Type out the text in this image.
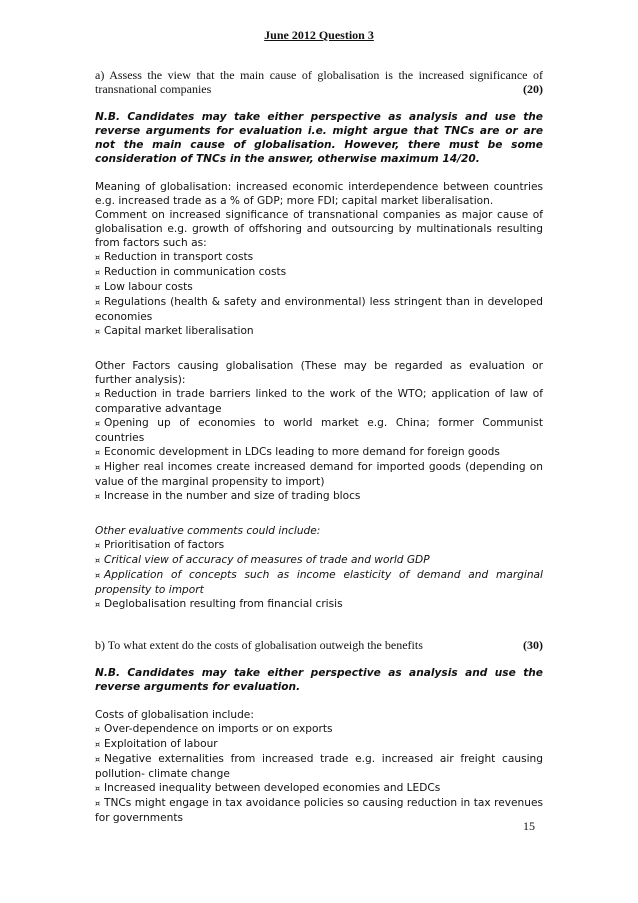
June 2012 Question 3

a) Assess the view that the main cause of globalisation is the increased significance of transnational companies	(20)

N.B. Candidates may take either perspective as analysis and use the reverse arguments for evaluation i.e. might argue that TNCs are or are not the main cause of globalisation. However, there must be some consideration of TNCs in the answer, otherwise maximum 14/20.

Meaning of globalisation: increased economic interdependence between countries e.g. increased trade as a % of GDP; more FDI; capital market liberalisation.

Comment on increased significance of transnational companies as major cause of globalisation e.g. growth of offshoring and outsourcing by multinationals resulting from factors such as:

¤ Reduction in transport costs

¤ Reduction in communication costs

¤ Low labour costs

¤ Regulations (health & safety and environmental) less stringent than in developed economies

¤ Capital market liberalisation

Other Factors causing globalisation (These may be regarded as evaluation or further analysis):

¤ Reduction in trade barriers linked to the work of the WTO; application of law of comparative advantage

¤ Opening up of economies to world market e.g. China; former Communist countries

¤ Economic development in LDCs leading to more demand for foreign goods

¤ Higher real incomes create increased demand for imported goods (depending on value of the marginal propensity to import)

¤ Increase in the number and size of trading blocs

Other evaluative comments could include:

¤ Prioritisation of factors

¤ Critical view of accuracy of measures of trade and world GDP

¤ Application of concepts such as income elasticity of demand and marginal propensity to import

¤ Deglobalisation resulting from financial crisis

b) To what extent do the costs of globalisation outweigh the benefits	(30)

N.B. Candidates may take either perspective as analysis and use the reverse arguments for evaluation.

Costs of globalisation include:

¤ Over-dependence on imports or on exports

¤ Exploitation of labour

¤ Negative externalities from increased trade e.g. increased air freight causing pollution- climate change

¤ Increased inequality between developed economies and LEDCs

¤ TNCs might engage in tax avoidance policies so causing reduction in tax revenues for governments

15
